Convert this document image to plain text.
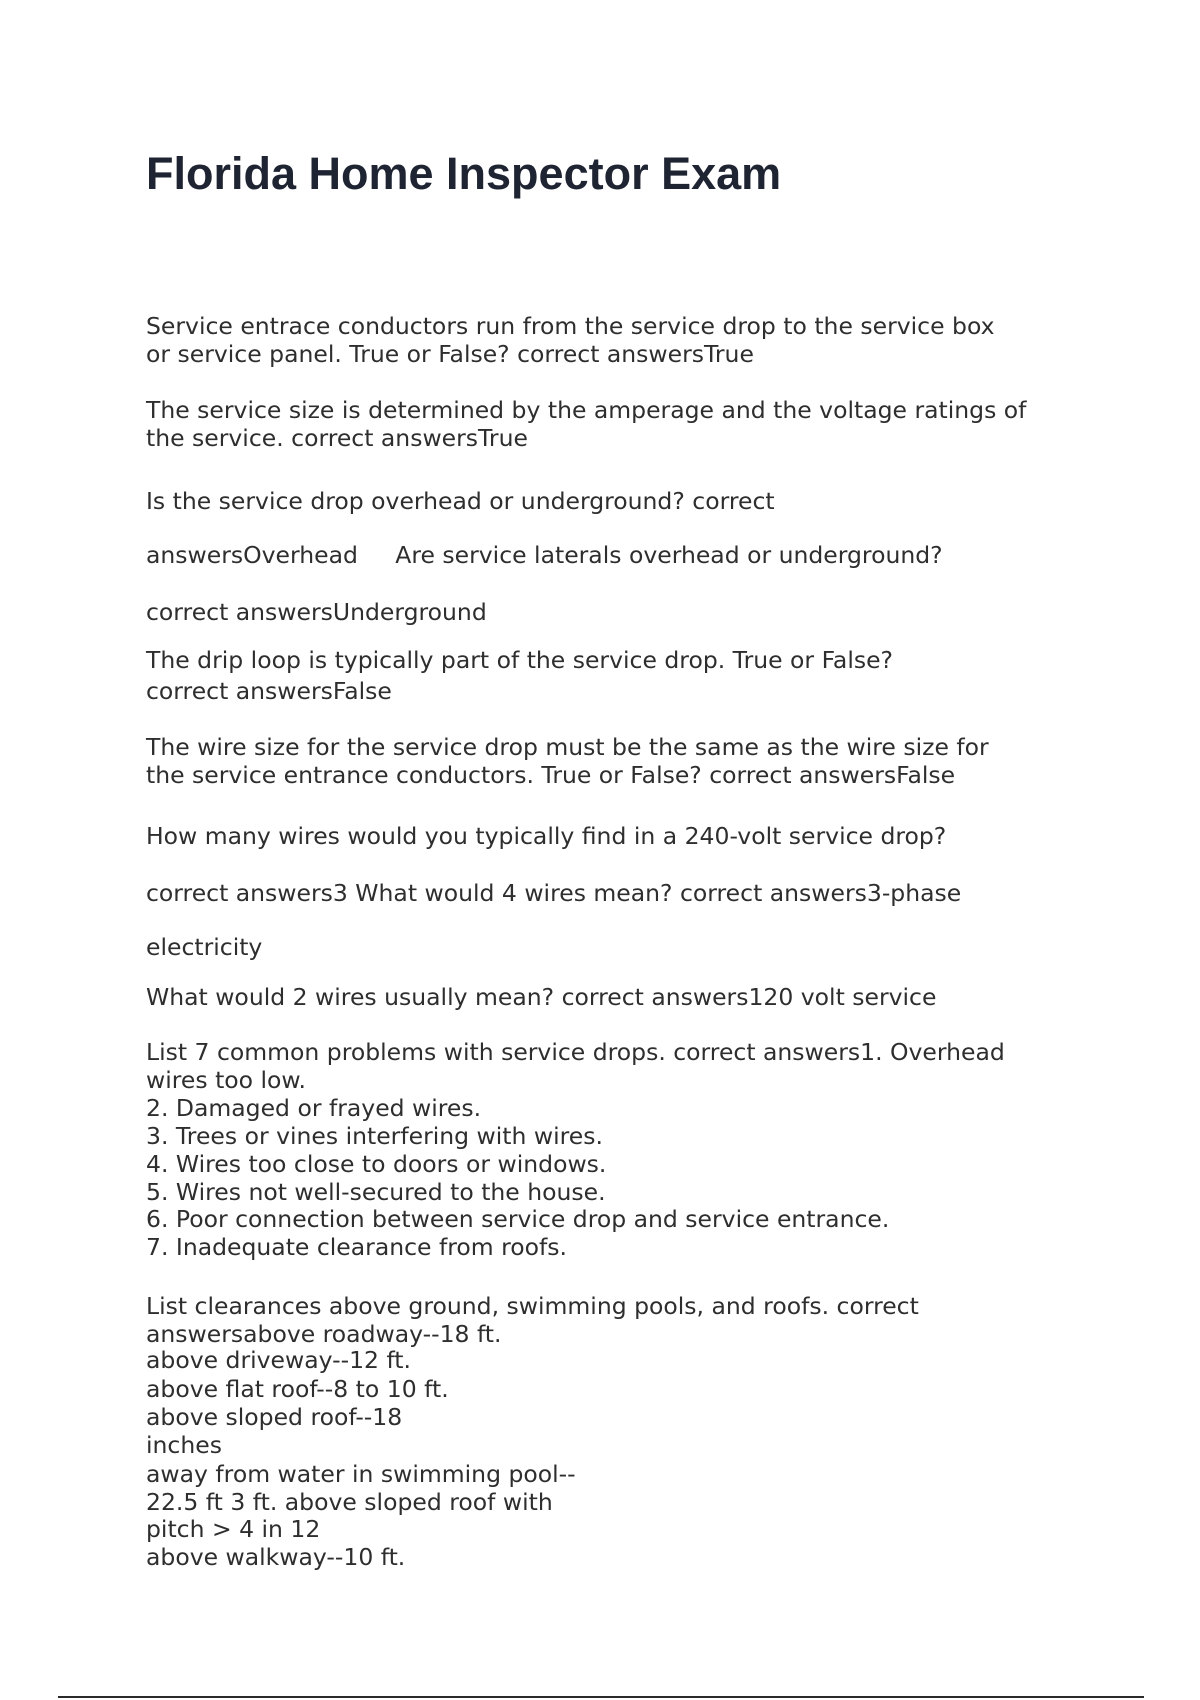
Florida Home Inspector Exam
Service entrace conductors run from the service drop to the service box
or service panel. True or False? correct answersTrue
The service size is determined by the amperage and the voltage ratings of
the service. correct answersTrue
Is the service drop overhead or underground? correct
answersOverhead     Are service laterals overhead or underground?
correct answersUnderground
The drip loop is typically part of the service drop. True or False?
correct answersFalse
The wire size for the service drop must be the same as the wire size for
the service entrance conductors. True or False? correct answersFalse
How many wires would you typically find in a 240-volt service drop?
correct answers3 What would 4 wires mean? correct answers3-phase
electricity
What would 2 wires usually mean? correct answers120 volt service
List 7 common problems with service drops. correct answers1. Overhead
wires too low.
2. Damaged or frayed wires.
3. Trees or vines interfering with wires.
4. Wires too close to doors or windows.
5. Wires not well-secured to the house.
6. Poor connection between service drop and service entrance.
7. Inadequate clearance from roofs.
List clearances above ground, swimming pools, and roofs. correct
answersabove roadway--18 ft.
above driveway--12 ft.
above flat roof--8 to 10 ft.
above sloped roof--18
inches
away from water in swimming pool--
22.5 ft 3 ft. above sloped roof with
pitch > 4 in 12
above walkway--10 ft.
